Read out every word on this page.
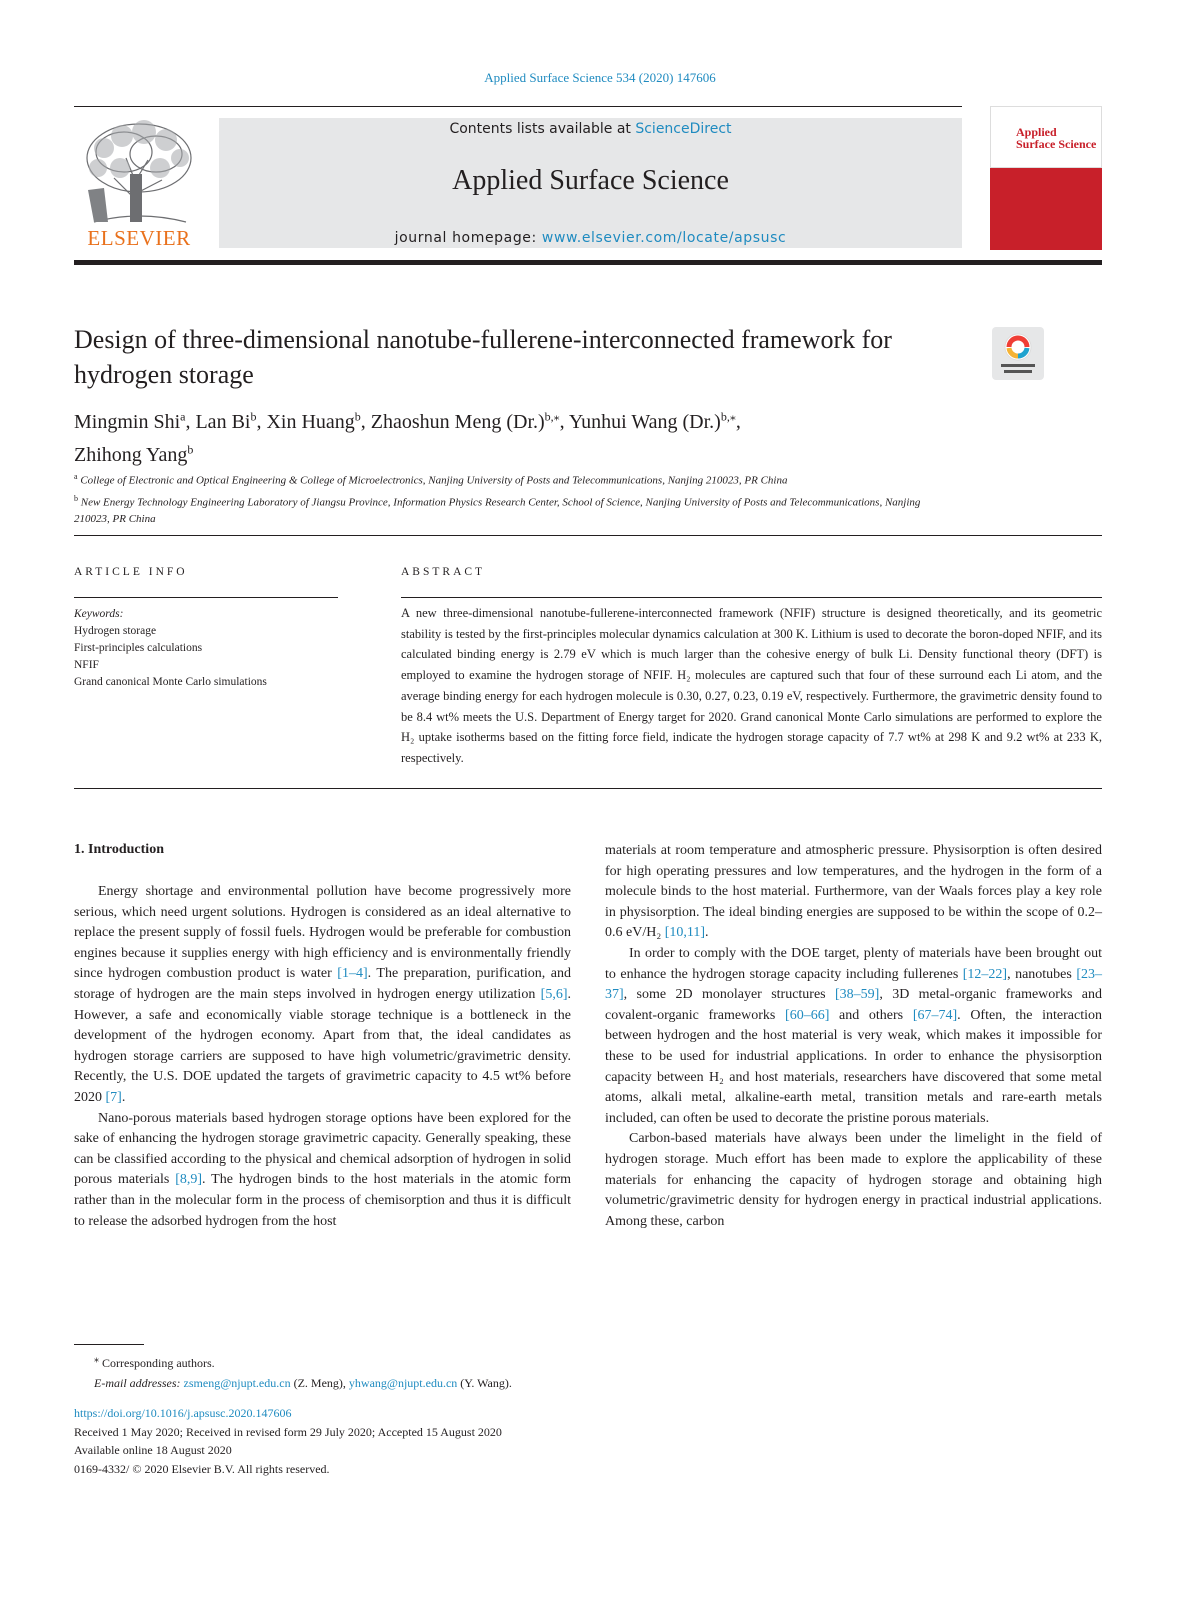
Applied Surface Science 534 (2020) 147606
ELSEVIER
Contents lists available at ScienceDirect
Applied Surface Science
journal homepage: www.elsevier.com/locate/apsusc
Applied
Surface Science
Design of three-dimensional nanotube-fullerene-interconnected framework for hydrogen storage
Mingmin Shi$^a$, Lan Bi$^b$, Xin Huang$^b$, Zhaoshun Meng $(Dr.)^{b,⁎}$, Yunhui Wang $(Dr.)^{b,⁎}$,
Zhihong Yang$^b$
$^a$ College of Electronic and Optical Engineering & College of Microelectronics, Nanjing University of Posts and Telecommunications, Nanjing 210023, PR China
$^b$ New Energy Technology Engineering Laboratory of Jiangsu Province, Information Physics Research Center, School of Science, Nanjing University of Posts and Telecommunications, Nanjing 210023, PR China
ARTICLE INFO	ABSTRACT
Keywords:
Hydrogen storage
First-principles calculations
NFIF
Grand canonical Monte Carlo simulations

A new three-dimensional nanotube-fullerene-interconnected framework (NFIF) structure is designed theoretically, and its geometric stability is tested by the first-principles molecular dynamics calculation at 300 K. Lithium is used to decorate the boron-doped NFIF, and its calculated binding energy is 2.79 eV which is much larger than the cohesive energy of bulk Li. Density functional theory (DFT) is employed to examine the hydrogen storage of NFIF. H₂ molecules are captured such that four of these surround each Li atom, and the average binding energy for each hydrogen molecule is 0.30, 0.27, 0.23, 0.19 eV, respectively. Furthermore, the gravimetric density found to be 8.4 wt% meets the U.S. Department of Energy target for 2020. Grand canonical Monte Carlo simulations are performed to explore the H₂ uptake isotherms based on the fitting force field, indicate the hydrogen storage capacity of 7.7 wt% at 298 K and 9.2 wt% at 233 K, respectively.

1. Introduction

Energy shortage and environmental pollution have become progressively more serious, which need urgent solutions. Hydrogen is considered as an ideal alternative to replace the present supply of fossil fuels. Hydrogen would be preferable for combustion engines because it supplies energy with high efficiency and is environmentally friendly since hydrogen combustion product is water [1–4]. The preparation, purification, and storage of hydrogen are the main steps involved in hydrogen energy utilization [5,6]. However, a safe and economically viable storage technique is a bottleneck in the development of the hydrogen economy. Apart from that, the ideal candidates as hydrogen storage carriers are supposed to have high volumetric/gravimetric density. Recently, the U.S. DOE updated the targets of gravimetric capacity to 4.5 wt% before 2020 [7].

Nano-porous materials based hydrogen storage options have been explored for the sake of enhancing the hydrogen storage gravimetric capacity. Generally speaking, these can be classified according to the physical and chemical adsorption of hydrogen in solid porous materials [8,9]. The hydrogen binds to the host materials in the atomic form rather than in the molecular form in the process of chemisorption and thus it is difficult to release the adsorbed hydrogen from the host

materials at room temperature and atmospheric pressure. Physisorption is often desired for high operating pressures and low temperatures, and the hydrogen in the form of a molecule binds to the host material. Furthermore, van der Waals forces play a key role in physisorption. The ideal binding energies are supposed to be within the scope of 0.2–0.6 eV/H₂ [10,11].

In order to comply with the DOE target, plenty of materials have been brought out to enhance the hydrogen storage capacity including fullerenes [12–22], nanotubes [23–37], some 2D monolayer structures [38–59], 3D metal-organic frameworks and covalent-organic frameworks [60–66] and others [67–74]. Often, the interaction between hydrogen and the host material is very weak, which makes it impossible for these to be used for industrial applications. In order to enhance the physisorption capacity between H₂ and host materials, researchers have discovered that some metal atoms, alkali metal, alkaline-earth metal, transition metals and rare-earth metals included, can often be used to decorate the pristine porous materials.

Carbon-based materials have always been under the limelight in the field of hydrogen storage. Much effort has been made to explore the applicability of these materials for enhancing the capacity of hydrogen storage and obtaining high volumetric/gravimetric density for hydrogen energy in practical industrial applications. Among these, carbon

⁎ Corresponding authors.
E-mail addresses: zsmeng@njupt.edu.cn (Z. Meng), yhwang@njupt.edu.cn (Y. Wang).
https://doi.org/10.1016/j.apsusc.2020.147606
Received 1 May 2020; Received in revised form 29 July 2020; Accepted 15 August 2020
Available online 18 August 2020
0169-4332/ © 2020 Elsevier B.V. All rights reserved.
